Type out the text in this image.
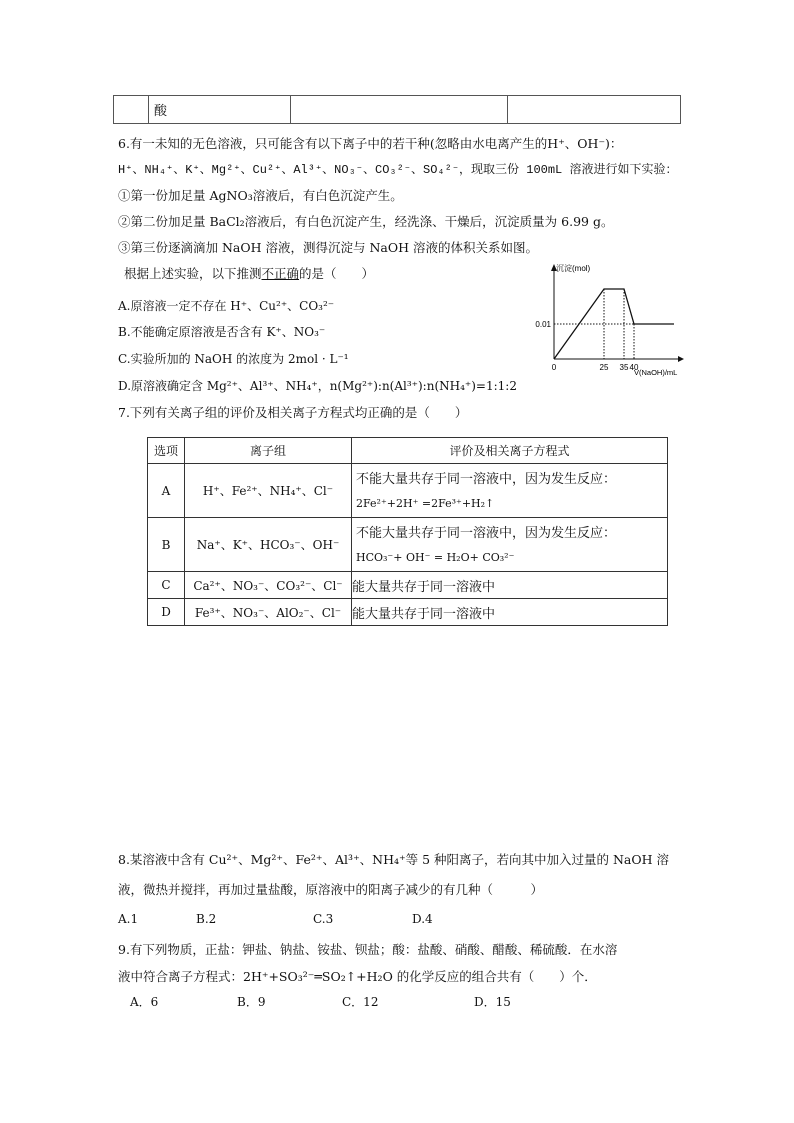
	酸		
6.有一未知的无色溶液，只可能含有以下离子中的若干种(忽略由水电离产生的H⁺、OH⁻)：
H⁺、NH₄⁺、K⁺、Mg²⁺、Cu²⁺、Al³⁺、NO₃⁻、CO₃²⁻、SO₄²⁻，现取三份 100mL 溶液进行如下实验：
①第一份加足量 AgNO₃溶液后，有白色沉淀产生。
②第二份加足量 BaCl₂溶液后，有白色沉淀产生，经洗涤、干燥后，沉淀质量为 6.99 g。
③第三份逐滴滴加 NaOH 溶液，测得沉淀与 NaOH 溶液的体积关系如图。
根据上述实验，以下推测不正确的是（　　）
A.原溶液一定不存在 H⁺、Cu²⁺、CO₃²⁻
B.不能确定原溶液是否含有 K⁺、NO₃⁻
C.实验所加的 NaOH 的浓度为 2mol · L⁻¹
D.原溶液确定含 Mg²⁺、Al³⁺、NH₄⁺，n(Mg²⁺):n(Al³⁺):n(NH₄⁺)=1:1:2
沉淀(mol)
V(NaOH)/mL
0.01
0	25 35 40
7.下列有关离子组的评价及相关离子方程式均正确的是（　　）
选项	离子组	评价及相关离子方程式
A	H⁺、Fe²⁺、NH₄⁺、Cl⁻	不能大量共存于同一溶液中，因为发生反应：
2Fe²⁺+2H⁺ =2Fe³⁺+H₂↑

B	Na⁺、K⁺、HCO₃⁻、OH⁻	不能大量共存于同一溶液中，因为发生反应：
HCO₃⁻+ OH⁻ = H₂O+ CO₃²⁻

C	Ca²⁺、NO₃⁻、CO₃²⁻、Cl⁻	能大量共存于同一溶液中
D	Fe³⁺、NO₃⁻、AlO₂⁻、Cl⁻	能大量共存于同一溶液中
8.某溶液中含有 Cu²⁺、Mg²⁺、Fe²⁺、Al³⁺、NH₄⁺等 5 种阳离子，若向其中加入过量的 NaOH 溶
液，微热并搅拌，再加过量盐酸，原溶液中的阳离子减少的有几种（　　　）
A.1	B.2	C.3	D.4
9.有下列物质，正盐：钾盐、钠盐、铵盐、钡盐；酸：盐酸、硝酸、醋酸、稀硫酸．在水溶
液中符合离子方程式：2H⁺+SO₃²⁻═SO₂↑+H₂O 的化学反应的组合共有（　　）个．
A．6	B．9	C．12	D．15
